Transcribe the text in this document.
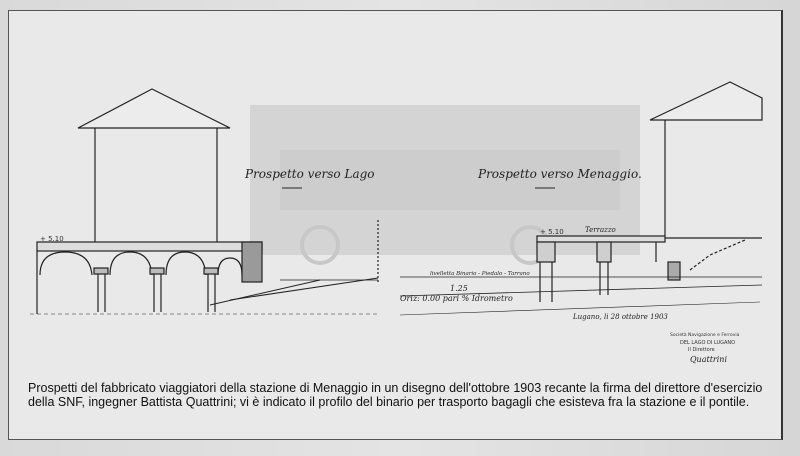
Prospetto verso Lago	Prospetto verso Menaggio.
+ 5.10
+ 5.10	Terrazzo
livelletta Binario - Piedalo - Tarrano
1.25
Oriz: 0.00 pari % Idrometro
Lugano, li 28 ottobre 1903
Società Navigazione e Ferrovia
DEL LAGO DI LUGANO
Il Direttore
Quattrini
Prospetti del fabbricato viaggiatori della stazione di Menaggio in un disegno dell'ottobre 1903 recante la firma del direttore d'esercizio della SNF, ingegner Battista Quattrini; vi è indicato il profilo del binario per trasporto bagagli che esisteva fra la stazione e il pontile.
